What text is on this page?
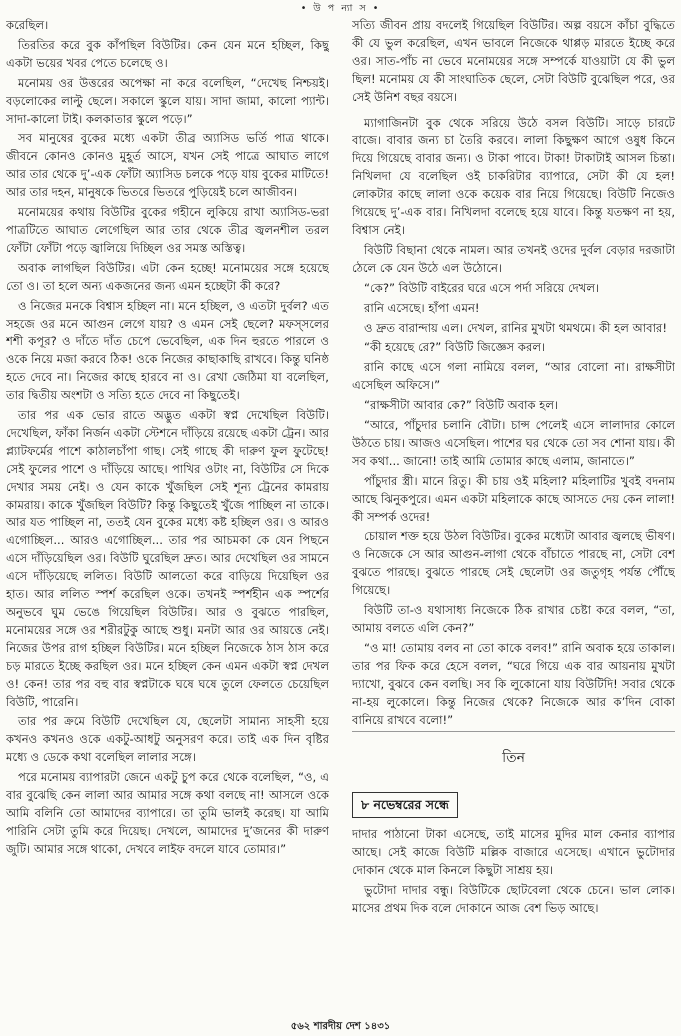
• উ প ন্যা স •

করেছিল।

তিরতির করে বুক কাঁপছিল বিউটির। কেন যেন মনে হচ্ছিল, কিছু একটা ভয়ের খবর পেতে চলেছে ও।

মনোময় ওর উত্তরের অপেক্ষা না করে বলেছিল, “দেখেছ নিশ্চয়ই। বড়লোকের লাল্টু ছেলে। সকালে স্কুলে যায়। সাদা জামা, কালো প্যান্ট। সাদা-কালো টাই। কলকাতার স্কুলে পড়ে।”

সব মানুষের বুকের মধ্যে একটা তীব্র অ্যাসিড ভর্তি পাত্র থাকে। জীবনে কোনও কোনও মুহূর্ত আসে, যখন সেই পাত্রে আঘাত লাগে আর তার থেকে দু’-এক ফোঁটা অ্যাসিড চলকে পড়ে যায় বুকের মাটিতে! আর তার দহন, মানুষকে ভিতরে ভিতরে পুড়িয়েই চলে আজীবন।

মনোময়ের কথায় বিউটির বুকের গহীনে লুকিয়ে রাখা অ্যাসিড-ভরা পাত্রটিতে আঘাত লেগেছিল আর তার থেকে তীব্র জ্বলনশীল তরল ফোঁটা ফোঁটা পড়ে জ্বালিয়ে দিচ্ছিল ওর সমস্ত অস্তিত্ব।

অবাক লাগছিল বিউটির। এটা কেন হচ্ছে! মনোময়ের সঙ্গে হয়েছে তো ও। তা হলে অন্য একজনের জন্য এমন হচ্ছেটা কী করে?

ও নিজের মনকে বিশ্বাস হচ্ছিল না। মনে হচ্ছিল, ও এতটা দুর্বল? এত সহজে ওর মনে আগুন লেগে যায়? ও এমন সেই ছেলে? মফস্সলের শশী কপূর? ও দাঁতে দাঁত চেপে ভেবেছিল, এক দিন হুরতে পারলে ও ওকে নিয়ে মজা করবে ঠিক! ওকে নিজের কাছাকাছি রাখবে। কিন্তু ঘনিষ্ঠ হতে দেবে না। নিজের কাছে হারবে না ও। রেখা জেঠিমা যা বলেছিল, তার দ্বিতীয় অংশটা ও সত্যি হতে দেবে না কিছুতেই।

তার পর এক ভোর রাতে অদ্ভুত একটা স্বপ্ন দেখেছিল বিউটি। দেখেছিল, ফাঁকা নির্জন একটা স্টেশনে দাঁড়িয়ে রয়েছে একটা ট্রেন। আর প্ল্যাটফর্মের পাশে কাঠালচাঁপা গাছ। সেই গাছে কী দারুণ ফুল ফুটেছে! সেই ফুলের পাশে ও দাঁড়িয়ে আছে। পাখির ওটাং না, বিউটির সে দিকে দেখার সময় নেই। ও যেন কাকে খুঁজছিল সেই শূন্য ট্রেনের কামরায় কামরায়। কাকে খুঁজছিল বিউটি? কিন্তু কিছুতেই খুঁজে পাচ্ছিল না তাকে। আর যত পাচ্ছিল না, ততই যেন বুকের মধ্যে কষ্ট হচ্ছিল ওর। ও আরও এগোচ্ছিল... আরও এগোচ্ছিল... তার পর আচমকা কে যেন পিছনে এসে দাঁড়িয়েছিল ওর। বিউটি ঘুরেছিল দ্রুত। আর দেখেছিল ওর সামনে এসে দাঁড়িয়েছে ললিত। বিউটি আলতো করে বাড়িয়ে দিয়েছিল ওর হাত। আর ললিত স্পর্শ করেছিল ওকে। তখনই স্পর্শহীন এক স্পর্শের অনুভবে ঘুম ভেঙে গিয়েছিল বিউটির। আর ও বুঝতে পারছিল, মনোময়ের সঙ্গে ওর শরীরটুকু আছে শুধু। মনটা আর ওর আয়ত্তে নেই। নিজের উপর রাগ হচ্ছিল বিউটির। মনে হচ্ছিল নিজেকে ঠাস ঠাস করে চড় মারতে ইচ্ছে করছিল ওর। মনে হচ্ছিল কেন এমন একটা স্বপ্ন দেখল ও! কেন! তার পর বহু বার স্বপ্নটাকে ঘষে ঘষে তুলে ফেলতে চেয়েছিল বিউটি, পারেনি।

তার পর ক্রমে বিউটি দেখেছিল যে, ছেলেটা সামান্য সাহসী হয়ে কখনও কখনও ওকে একটু-আধটু অনুসরণ করে। তাই এক দিন বৃষ্টির মধ্যে ও ডেকে কথা বলেছিল লালার সঙ্গে।

পরে মনোময় ব্যাপারটা জেনে একটু চুপ করে থেকে বলেছিল, “ও, এ বার বুঝেছি কেন লালা আর আমার সঙ্গে কথা বলছে না! আসলে ওকে আমি বলিনি তো আমাদের ব্যাপারে। তা তুমি ভালই করেছ। যা আমি পারিনি সেটা তুমি করে দিয়েছ। দেখলে, আমাদের দু’জনের কী দারুণ জুটি। আমার সঙ্গে থাকো, দেখবে লাইফ বদলে যাবে তোমার।”

সত্যি জীবন প্রায় বদলেই গিয়েছিল বিউটির। অল্প বয়সে কাঁচা বুদ্ধিতে কী যে ভুল করেছিল, এখন ভাবলে নিজেকে থাপ্পড় মারতে ইচ্ছে করে ওর। সাত-পাঁচ না ভেবে মনোময়ের সঙ্গে সম্পর্কে যাওয়াটা যে কী ভুল ছিল! মনোময় যে কী সাংঘাতিক ছেলে, সেটা বিউটি বুঝেছিল পরে, ওর সেই উনিশ বছর বয়সে।

ম্যাগাজিনটা বুক থেকে সরিয়ে উঠে বসল বিউটি। সাড়ে চারটে বাজে। বাবার জন্য চা তৈরি করবে। লালা কিছুক্ষণ আগে ওষুধ কিনে দিয়ে গিয়েছে বাবার জন্য। ও টাকা পাবে। টাকা! টাকাটাই আসল চিন্তা। নিখিলদা যে বলেছিল ওই চাকরিটার ব্যাপারে, সেটা কী যে হল! লোকটার কাছে লালা ওকে কয়েক বার নিয়ে গিয়েছে। বিউটি নিজেও গিয়েছে দু’-এক বার। নিখিলদা বলেছে হয়ে যাবে। কিন্তু যতক্ষণ না হয়, বিশ্বাস নেই।

বিউটি বিছানা থেকে নামল। আর তখনই ওদের দুর্বল বেড়ার দরজাটা ঠেলে কে যেন উঠে এল উঠোনে।

“কে?” বিউটি বাইরের ঘরে এসে পর্দা সরিয়ে দেখল।

রানি এসেছে। হাঁপা এমন!

ও দ্রুত বারান্দায় এল। দেখল, রানির মুখটা থমথমে। কী হল আবার!

“কী হয়েছে রে?” বিউটি জিজ্ঞেস করল।

রানি কাছে এসে গলা নামিয়ে বলল, “আর বোলো না। রাক্ষসীটা এসেছিল অফিসে।”

“রাক্ষসীটা আবার কে?” বিউটি অবাক হল।

“আরে, পাঁচুদার চলানি বৌটা। চান্স পেলেই এসে লালাদার কোলে উঠতে চায়। আজও এসেছিল। পাশের ঘর থেকে তো সব শোনা যায়। কী সব কথা... জানো! তাই আমি তোমার কাছে এলাম, জানাতে।”

পাঁচুদার স্ত্রী। মানে রিতু। কী চায় ওই মহিলা? মহিলাটির খুবই বদনাম আছে ঝিনুকপুরে। এমন একটা মহিলাকে কাছে আসতে দেয় কেন লালা! কী সম্পর্ক ওদের!

চোয়াল শক্ত হয়ে উঠল বিউটির। বুকের মধ্যেটা আবার জ্বলছে ভীষণ। ও নিজেকে সে আর আগুন-লাগা থেকে বাঁচাতে পারছে না, সেটা বেশ বুঝতে পারছে। বুঝতে পারছে সেই ছেলেটা ওর জতুগৃহ পর্যন্ত পৌঁছে গিয়েছে।

বিউটি তা-ও যথাসাধ্য নিজেকে ঠিক রাখার চেষ্টা করে বলল, “তা, আমায় বলতে এলি কেন?”

“ও মা! তোমায় বলব না তো কাকে বলব!” রানি অবাক হয়ে তাকাল। তার পর ফিক করে হেসে বলল, “ঘরে গিয়ে এক বার আয়নায় মুখটা দ্যাখো, বুঝবে কেন বলছি। সব কি লুকোনো যায় বিউটিদি! সবার থেকে না-হয় লুকোলে। কিন্তু নিজের থেকে? নিজেকে আর ক’দিন বোকা বানিয়ে রাখবে বলো!”

তিন
৮ নভেম্বরের সন্ধে

দাদার পাঠানো টাকা এসেছে, তাই মাসের মুদির মাল কেনার ব্যাপার আছে। সেই কাজে বিউটি মল্লিক বাজারে এসেছে। এখানে ভুটোদার দোকান থেকে মাল কিনলে কিছুটা সাশ্রয় হয়।

ভুটোদা দাদার বন্ধু। বিউটিকে ছোটবেলা থেকে চেনে। ভাল লোক। মাসের প্রথম দিক বলে দোকানে আজ বেশ ভিড় আছে।

৫৬২ শারদীয় দেশ ১৪৩১
